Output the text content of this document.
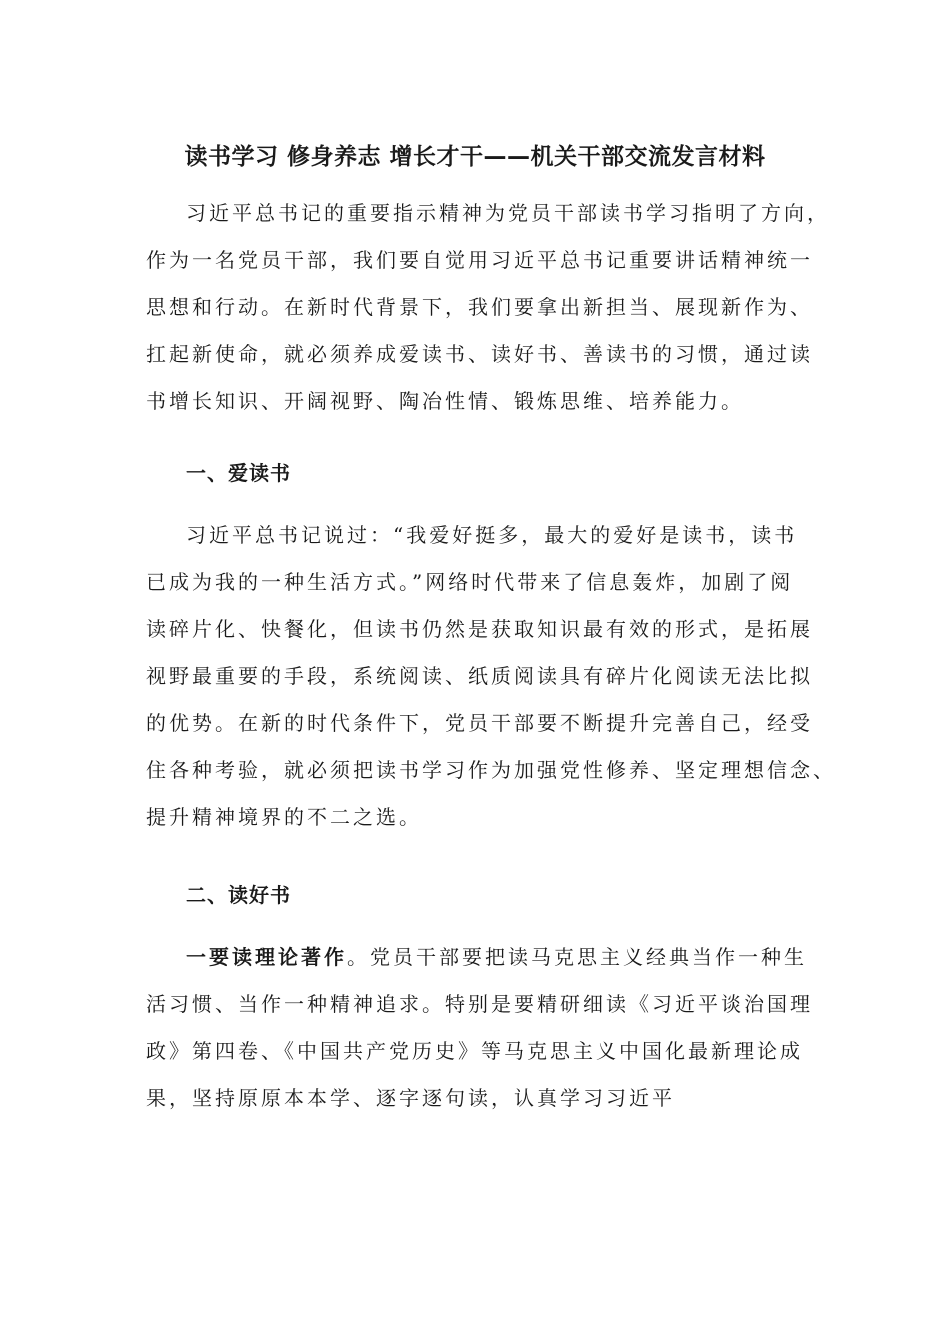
读书学习 修身养志 增长才干——机关干部交流发言材料
习近平总书记的重要指示精神为党员干部读书学习指明了方向，
作为一名党员干部，我们要自觉用习近平总书记重要讲话精神统一
思想和行动。在新时代背景下，我们要拿出新担当、展现新作为、
扛起新使命，就必须养成爱读书、读好书、善读书的习惯，通过读
书增长知识、开阔视野、陶冶性情、锻炼思维、培养能力。
一、爱读书
习近平总书记说过：“我爱好挺多，最大的爱好是读书，读书
已成为我的一种生活方式。”网络时代带来了信息轰炸，加剧了阅
读碎片化、快餐化，但读书仍然是获取知识最有效的形式，是拓展
视野最重要的手段，系统阅读、纸质阅读具有碎片化阅读无法比拟
的优势。在新的时代条件下，党员干部要不断提升完善自己，经受
住各种考验，就必须把读书学习作为加强党性修养、坚定理想信念、
提升精神境界的不二之选。
二、读好书
一要读理论著作。党员干部要把读马克思主义经典当作一种生
活习惯、当作一种精神追求。特别是要精研细读《习近平谈治国理
政》第四卷、《中国共产党历史》等马克思主义中国化最新理论成
果，坚持原原本本学、逐字逐句读，认真学习习近平
